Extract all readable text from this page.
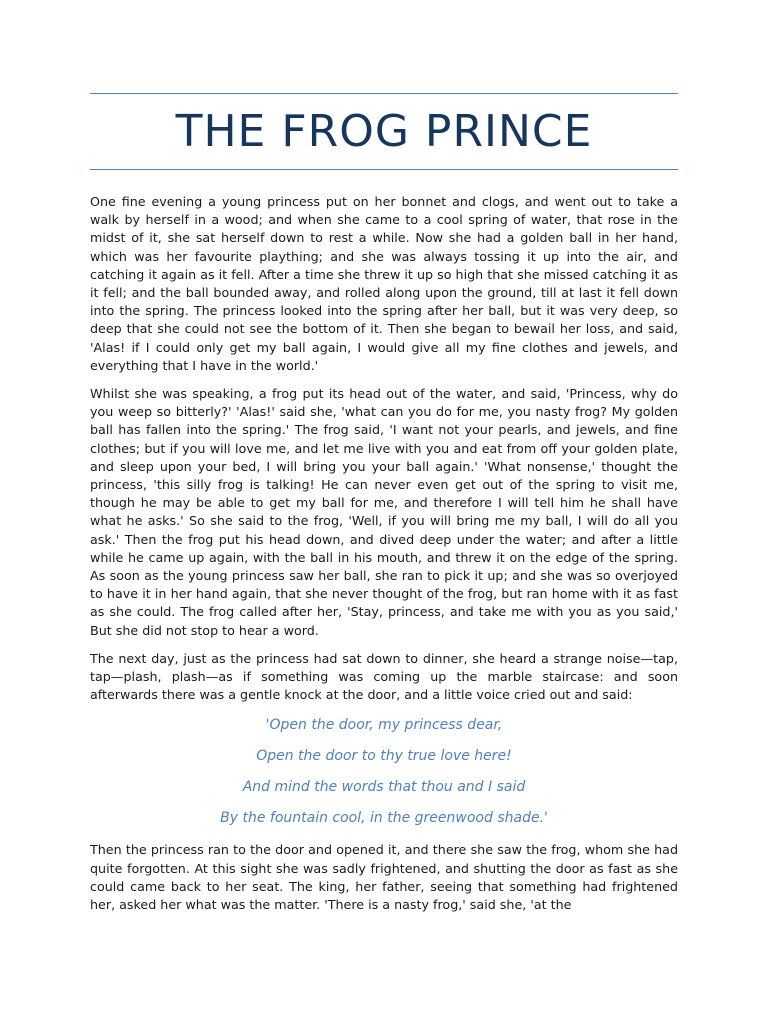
THE FROG PRINCE

One fine evening a young princess put on her bonnet and clogs, and went out to take a walk by herself in a wood; and when she came to a cool spring of water, that rose in the midst of it, she sat herself down to rest a while. Now she had a golden ball in her hand, which was her favourite plaything; and she was always tossing it up into the air, and catching it again as it fell. After a time she threw it up so high that she missed catching it as it fell; and the ball bounded away, and rolled along upon the ground, till at last it fell down into the spring. The princess looked into the spring after her ball, but it was very deep, so deep that she could not see the bottom of it. Then she began to bewail her loss, and said, 'Alas! if I could only get my ball again, I would give all my fine clothes and jewels, and everything that I have in the world.'

Whilst she was speaking, a frog put its head out of the water, and said, 'Princess, why do you weep so bitterly?' 'Alas!' said she, 'what can you do for me, you nasty frog? My golden ball has fallen into the spring.' The frog said, 'I want not your pearls, and jewels, and fine clothes; but if you will love me, and let me live with you and eat from off your golden plate, and sleep upon your bed, I will bring you your ball again.' 'What nonsense,' thought the princess, 'this silly frog is talking! He can never even get out of the spring to visit me, though he may be able to get my ball for me, and therefore I will tell him he shall have what he asks.' So she said to the frog, 'Well, if you will bring me my ball, I will do all you ask.' Then the frog put his head down, and dived deep under the water; and after a little while he came up again, with the ball in his mouth, and threw it on the edge of the spring. As soon as the young princess saw her ball, she ran to pick it up; and she was so overjoyed to have it in her hand again, that she never thought of the frog, but ran home with it as fast as she could. The frog called after her, 'Stay, princess, and take me with you as you said,' But she did not stop to hear a word.

The next day, just as the princess had sat down to dinner, she heard a strange noise—tap, tap—plash, plash—as if something was coming up the marble staircase: and soon afterwards there was a gentle knock at the door, and a little voice cried out and said:

'Open the door, my princess dear,

Open the door to thy true love here!

And mind the words that thou and I said

By the fountain cool, in the greenwood shade.'

Then the princess ran to the door and opened it, and there she saw the frog, whom she had quite forgotten. At this sight she was sadly frightened, and shutting the door as fast as she could came back to her seat. The king, her father, seeing that something had frightened her, asked her what was the matter. 'There is a nasty frog,' said she, 'at the
